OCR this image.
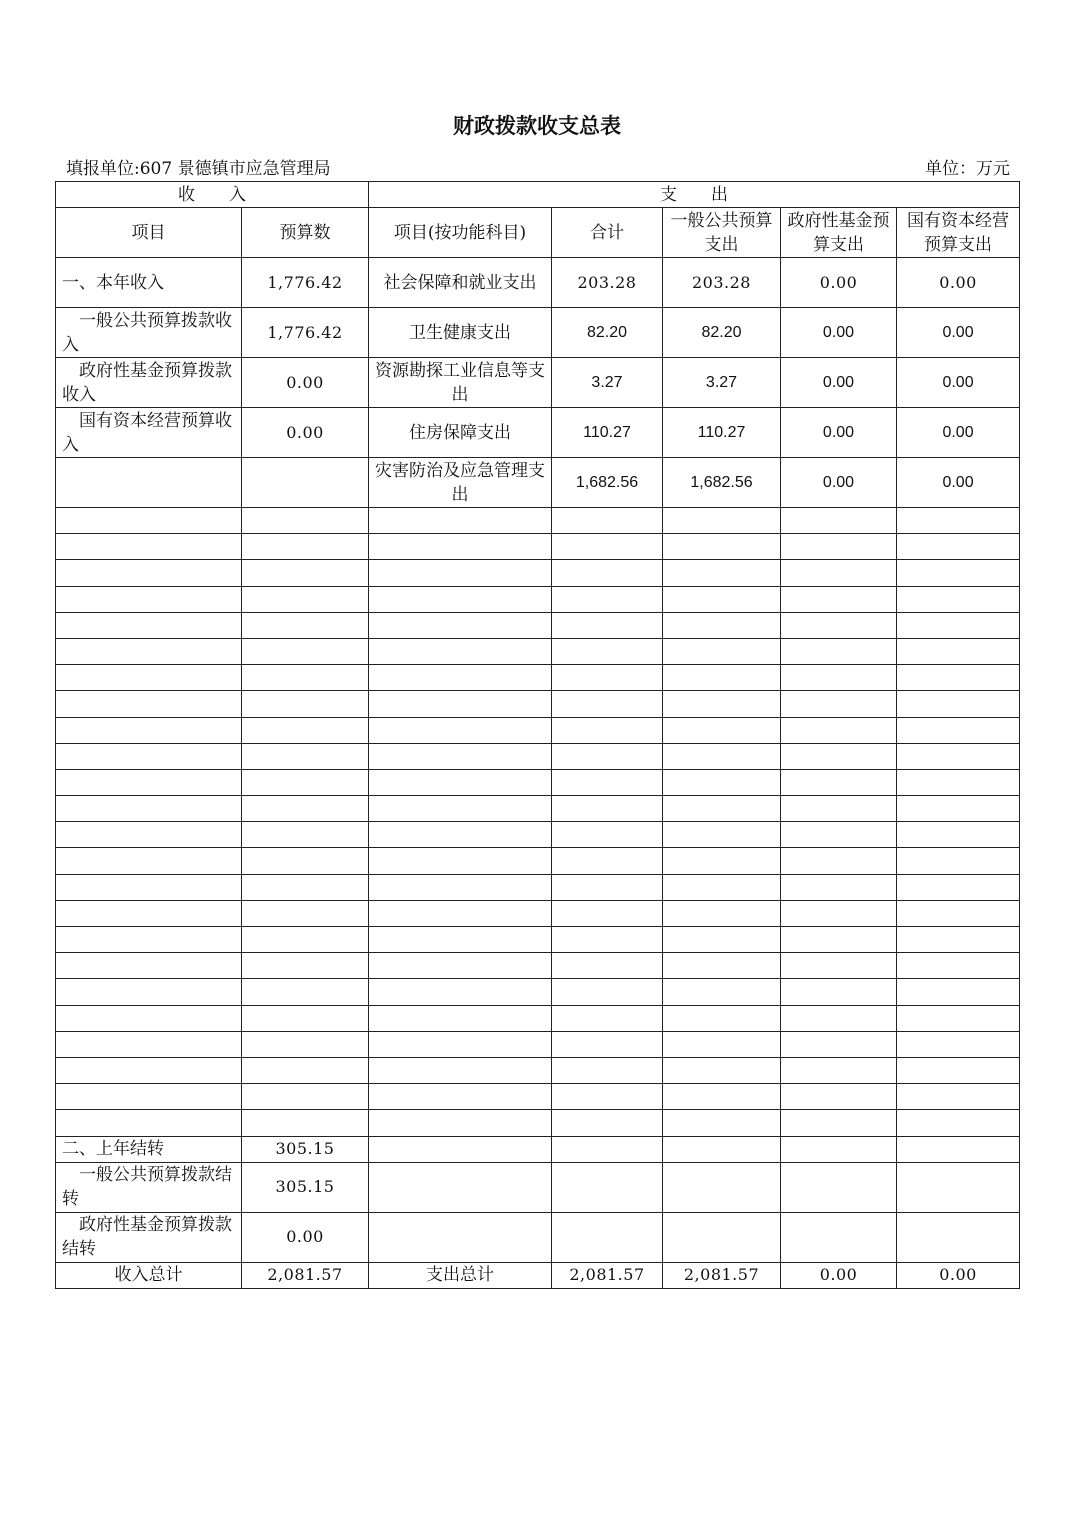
财政拨款收支总表
填报单位:607 景德镇市应急管理局	单位：万元
收　　入		支　　出				
项目	预算数	项目(按功能科目)	合计	一般公共预算支出	政府性基金预算支出	国有资本经营预算支出
一、本年收入	1,776.42	社会保障和就业支出	203.28	203.28	0.00	0.00
一般公共预算拨款收入	1,776.42	卫生健康支出	82.20	82.20	0.00	0.00
政府性基金预算拨款收入	0.00	资源勘探工业信息等支出	3.27	3.27	0.00	0.00
国有资本经营预算收入	0.00	住房保障支出	110.27	110.27	0.00	0.00
		灾害防治及应急管理支出	1,682.56	1,682.56	0.00	0.00

二、上年结转	305.15					
一般公共预算拨款结转	305.15					
政府性基金预算拨款结转	0.00					
收入总计	2,081.57	支出总计	2,081.57	2,081.57	0.00	0.00
